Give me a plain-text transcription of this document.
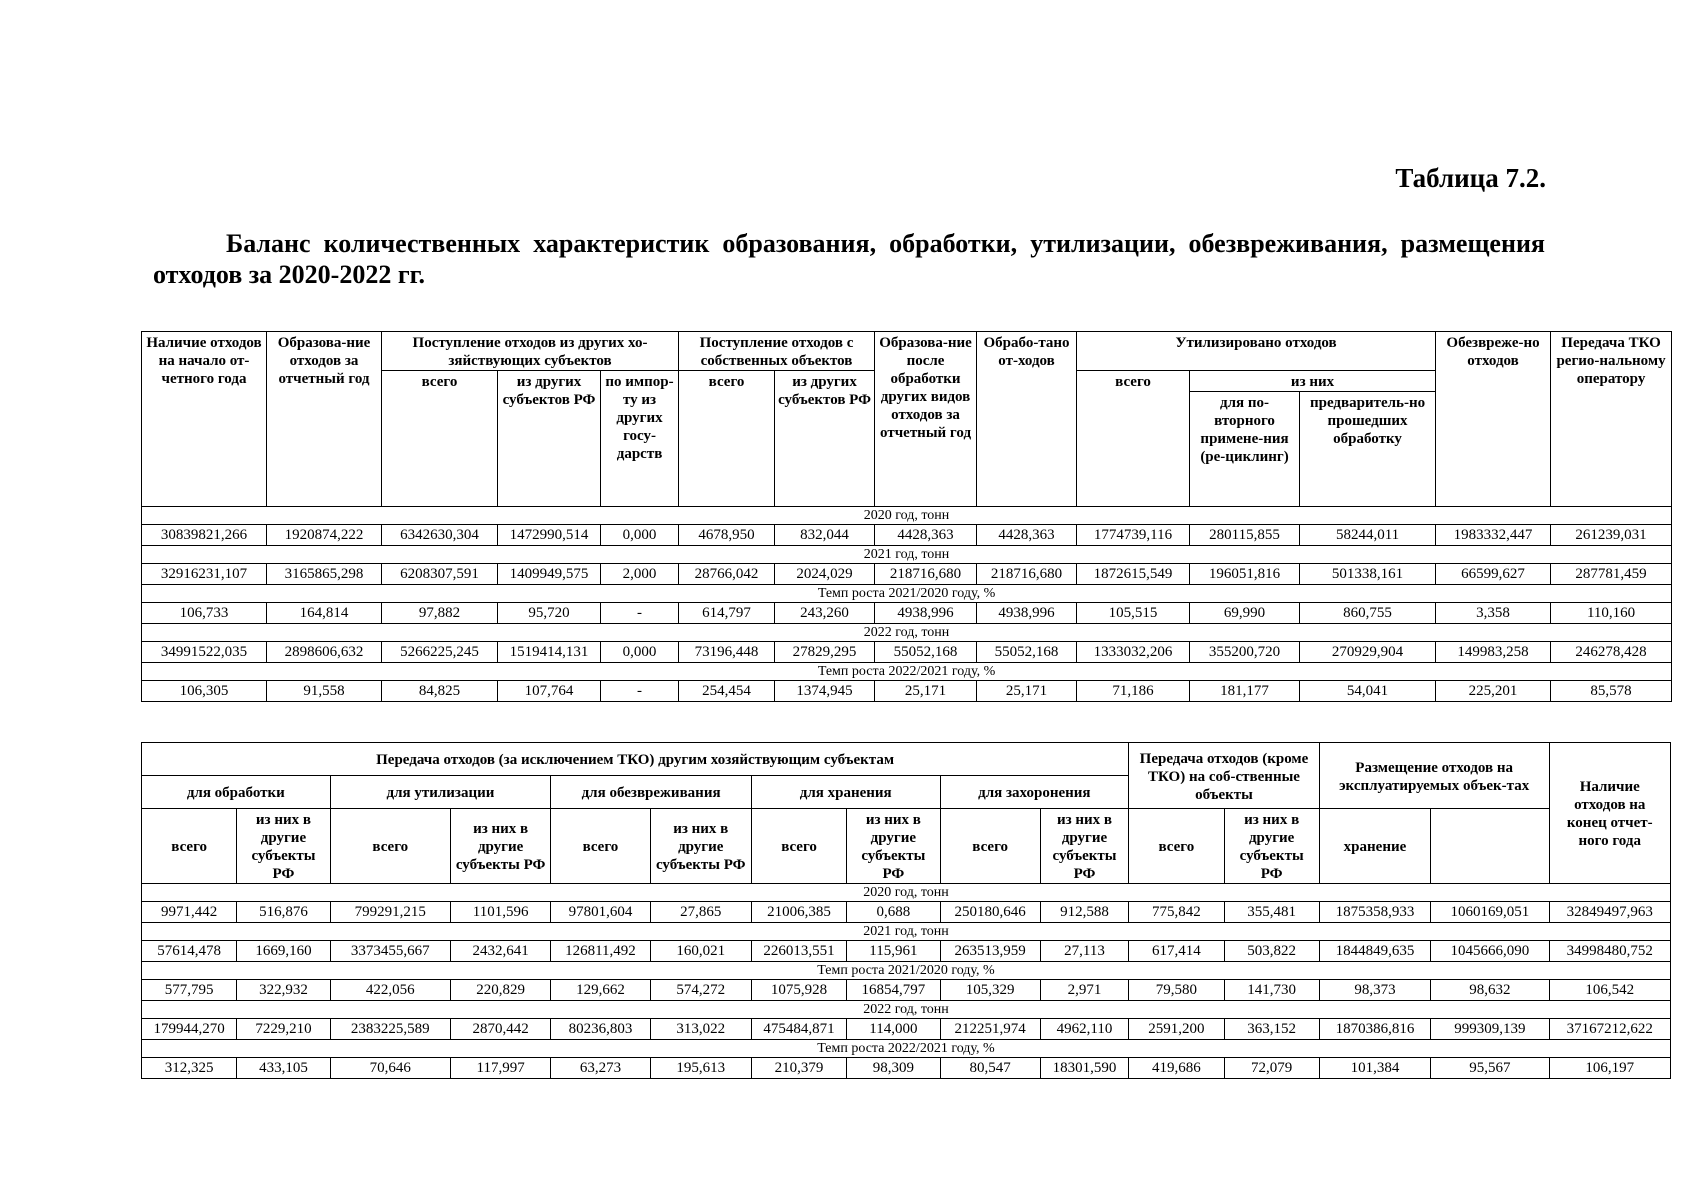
Таблица 7.2.
Баланс количественных характеристик образования, обработки, утилизации, обезвреживания, размещения отходов за 2020-2022 гг.
Наличие отходов на начало от-четного года	Образова-ние отходов за отчетный год	Поступление отходов из других хо-зяйствующих субъектов			Поступление отходов с собственных объектов		Образова-ние после обработки других видов отходов за отчетный год	Обрабо-тано от-ходов	Утилизировано отходов			Обезвреже-но отходов	Передача ТКО регио-нальному оператору
		всего	из других субъектов РФ	по импор-ту из других госу-дарств	всего	из других субъектов РФ			всего	из них			
										для по-вторного примене-ния (ре-циклинг)	предваритель-но прошедших обработку		
2020 год, тонн													
30839821,266	1920874,222	6342630,304	1472990,514	0,000	4678,950	832,044	4428,363	4428,363	1774739,116	280115,855	58244,011	1983332,447	261239,031
2021 год, тонн													
32916231,107	3165865,298	6208307,591	1409949,575	2,000	28766,042	2024,029	218716,680	218716,680	1872615,549	196051,816	501338,161	66599,627	287781,459
Темп роста 2021/2020 году, %													
106,733	164,814	97,882	95,720	-	614,797	243,260	4938,996	4938,996	105,515	69,990	860,755	3,358	110,160
2022 год, тонн													
34991522,035	2898606,632	5266225,245	1519414,131	0,000	73196,448	27829,295	55052,168	55052,168	1333032,206	355200,720	270929,904	149983,258	246278,428
Темп роста 2022/2021 году, %													
106,305	91,558	84,825	107,764	-	254,454	1374,945	25,171	25,171	71,186	181,177	54,041	225,201	85,578
Передача отходов (за исключением ТКО) другим хозяйствующим субъектам										Передача отходов (кроме ТКО) на соб-ственные объекты		Размещение отходов на эксплуатируемых объек-тах		Наличие отходов на конец отчет-ного года
для обработки		для утилизации		для обезвреживания		для хранения		для захоронения						
всего	из них в другие субъекты РФ	всего	из них в другие субъекты РФ	всего	из них в другие субъекты РФ	всего	из них в другие субъекты РФ	всего	из них в другие субъекты РФ	всего	из них в другие субъекты РФ	хранение		
2020 год, тонн														
9971,442	516,876	799291,215	1101,596	97801,604	27,865	21006,385	0,688	250180,646	912,588	775,842	355,481	1875358,933	1060169,051	32849497,963
2021 год, тонн														
57614,478	1669,160	3373455,667	2432,641	126811,492	160,021	226013,551	115,961	263513,959	27,113	617,414	503,822	1844849,635	1045666,090	34998480,752
Темп роста 2021/2020 году, %														
577,795	322,932	422,056	220,829	129,662	574,272	1075,928	16854,797	105,329	2,971	79,580	141,730	98,373	98,632	106,542
2022 год, тонн														
179944,270	7229,210	2383225,589	2870,442	80236,803	313,022	475484,871	114,000	212251,974	4962,110	2591,200	363,152	1870386,816	999309,139	37167212,622
Темп роста 2022/2021 году, %														
312,325	433,105	70,646	117,997	63,273	195,613	210,379	98,309	80,547	18301,590	419,686	72,079	101,384	95,567	106,197
